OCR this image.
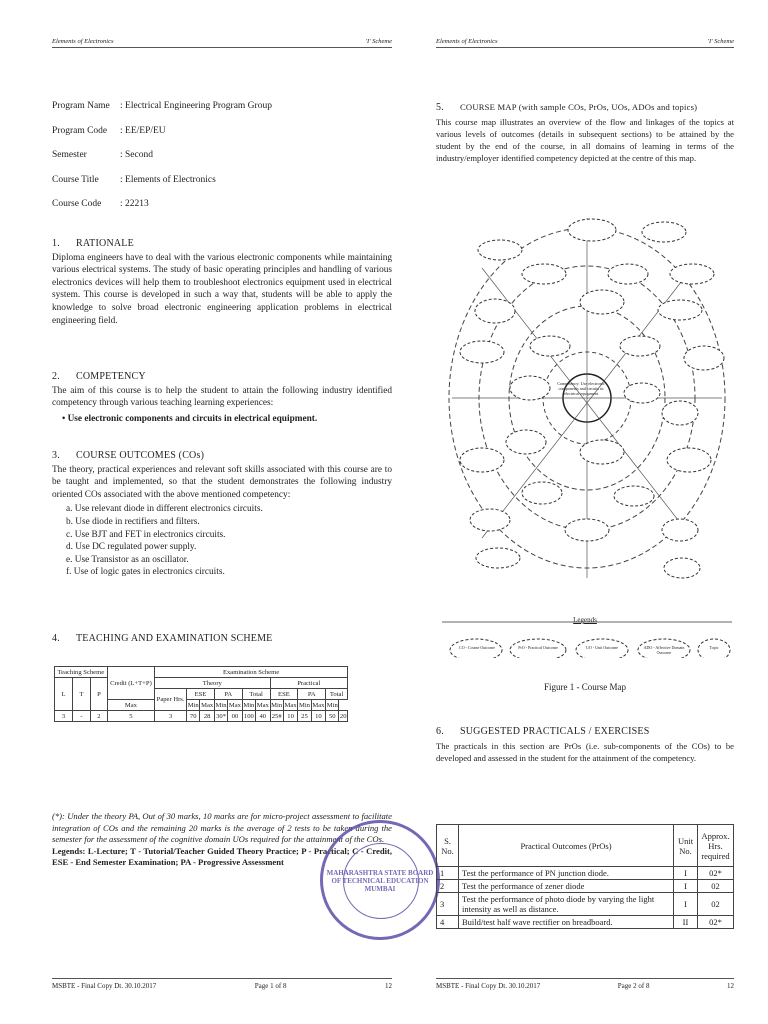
Elements of Electronics	'I' Scheme
Program Name	: Electrical Engineering Program Group
Program Code	: EE/EP/EU
Semester	: Second
Course Title	: Elements of Electronics
Course Code	: 22213
1. RATIONALE

Diploma engineers have to deal with the various electronic components while maintaining various electrical systems. The study of basic operating principles and handling of various electronics devices will help them to troubleshoot electronics equipment used in electrical system. This course is developed in such a way that, students will be able to apply the knowledge to solve broad electronic engineering application problems in electrical engineering field.

2. COMPETENCY

The aim of this course is to help the student to attain the following industry identified competency through various teaching learning experiences:

• Use electronic components and circuits in electrical equipment.
3. COURSE OUTCOMES (COs)

The theory, practical experiences and relevant soft skills associated with this course are to be taught and implemented, so that the student demonstrates the following industry oriented COs associated with the above mentioned competency:

a. Use relevant diode in different electronics circuits.
b. Use diode in rectifiers and filters.
c. Use BJT and FET in electronics circuits.
d. Use DC regulated power supply.
e. Use Transistor as an oscillator.
f. Use of logic gates in electronics circuits.
4. TEACHING AND EXAMINATION SCHEME
Teaching Scheme			Credit (L+T+P)	Examination Scheme												
L	T	P		Theory							Practical					
				Paper Hrs.	ESE		PA		Total		ESE		PA		Total	
			Max		Min	Max	Min	Max	Min	Max	Min	Max	Min	Max	Min	
3	-	2	5	3	70	28	30*	00	100	40	25#	10	25	10	50	20

(*): Under the theory PA, Out of 30 marks, 10 marks are for micro-project assessment to facilitate integration of COs and the remaining 20 marks is the average of 2 tests to be taken during the semester for the assessment of the cognitive domain UOs required for the attainment of the COs.

Legends: L-Lecture; T - Tutorial/Teacher Guided Theory Practice; P - Practical; C - Credit, ESE - End Semester Examination; PA - Progressive Assessment

MSBTE - Final Copy Dt. 30.10.2017	Page 1 of 8	12
MAHARASHTRA STATE BOARD OF TECHNICAL EDUCATION MUMBAI
Elements of Electronics	'I' Scheme
5. COURSE MAP (with sample COs, PrOs, UOs, ADOs and topics)

This course map illustrates an overview of the flow and linkages of the topics at various levels of outcomes (details in subsequent sections) to be attained by the student by the end of the course, in all domains of learning in terms of the industry/employer identified competency depicted at the centre of this map.

Competency: Use electronic components and circuits in electrical equipment
Legends
CO - Course Outcome	PrO - Practical Outcome	UO - Unit Outcome	ADO - Affective Domain Outcome
Topic
Figure 1 - Course Map
6. SUGGESTED PRACTICALS / EXERCISES

The practicals in this section are PrOs (i.e. sub-components of the COs) to be developed and assessed in the student for the attainment of the competency.

S. No.	Practical Outcomes (PrOs)	Unit No.	Approx. Hrs. required
1	Test the performance of PN junction diode.	I	02*
2	Test the performance of zener diode	I	02
3	Test the performance of photo diode by varying the light intensity as well as distance.	I	02
4	Build/test half wave rectifier on breadboard.	II	02*
MSBTE - Final Copy Dt. 30.10.2017	Page 2 of 8	12
